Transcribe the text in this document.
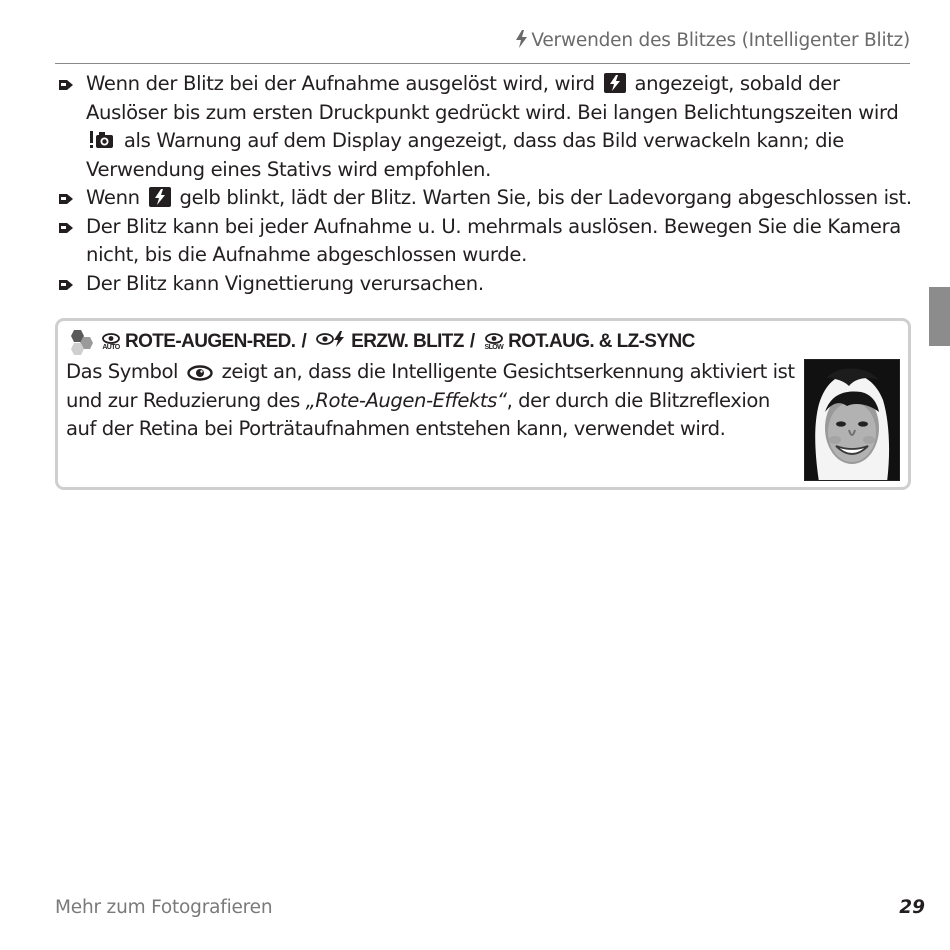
Verwenden des Blitzes (Intelligenter Blitz)
Wenn der Blitz bei der Aufnahme ausgelöst wird, wird angezeigt, sobald der Auslöser bis zum ersten Druckpunkt gedrückt wird. Bei langen Belichtungszeiten wird  als Warnung auf dem Display angezeigt, dass das Bild verwackeln kann; die Verwendung eines Stativs wird empfohlen.
Wenn gelb blinkt, lädt der Blitz. Warten Sie, bis der Ladevorgang abgeschlossen ist.
Der Blitz kann bei jeder Aufnahme u. U. mehrmals auslösen. Bewegen Sie die Kamera nicht, bis die Aufnahme abgeschlossen wurde.
Der Blitz kann Vignettierung verursachen.
AUTO ROTE-AUGEN-RED. / ERZW. BLITZ / SLOW ROT.AUG. & LZ-SYNC
Das Symbol zeigt an, dass die Intelligente Gesichtserkennung aktiviert ist und zur Reduzierung des „Rote-Augen-Effekts“, der durch die Blitzreflexion auf der Retina bei Porträtaufnahmen entstehen kann, verwendet wird.
Mehr zum Fotografieren	29
